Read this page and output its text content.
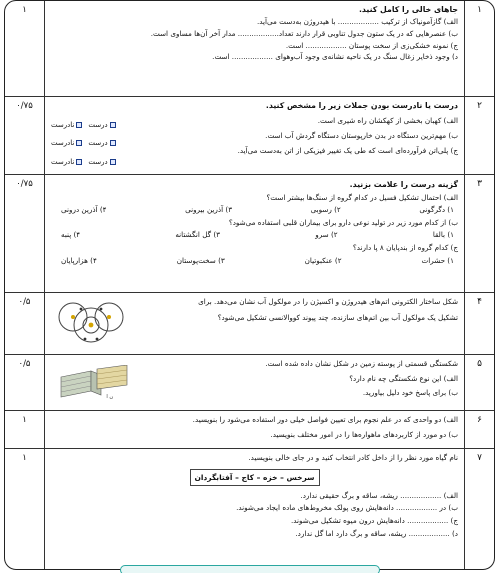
۱
۱	جاهای خالی را کامل کنید.
الف) گازآمونیاک از ترکیب .................. با هیدروژن به‌دست می‌آید.
ب) عنصرهایی که در یک ستون جدول تناوبی قرار دارند تعداد.................. مدار آخر آن‌ها مساوی است.
ج) نمونه خشکی‌زی از سخت پوستان .................. است.
د) وجود ذخایر زغال سنگ در یک ناحیه نشانه‌ی وجود آب‌وهوای .................. است.
۲
۰/۷۵	درست یا نادرست بودن جملات زیر را مشخص کنید.
الف) کهبان بخشی از کهکشان راه شیری است.
ب) مهم‌ترین دستگاه در بدن خارپوستان دستگاه گردش آب است.
ج) پلی‌اتن فرآورده‌ای است که طی یک تغییر فیزیکی از اتن به‌دست می‌آید.
درست
نادرست
درست
نادرست
درست
نادرست
۳
۰/۷۵	گزینه درست را علامت بزنید.
الف) احتمال تشکیل فسیل در کدام گروه از سنگ‌ها بیشتر است؟
۱) دگرگونی
۲) رسوبی
۳) آذرین بیرونی
۴) آذرین درونی
ب) از کدام مورد زیر در تولید نوعی دارو برای بیماران قلبی استفاده می‌شود؟
۱) بالقا
۲) سرو
۳) گل انگشتانه
۴) پنبه
ج) کدام گروه از بندپایان ۸ پا دارند؟
۱) حشرات
۲) عنکبوتیان
۳) سخت‌پوستان
۴) هزارپایان
۴
۰/۵	شکل ساختار الکترونی اتم‌های هیدروژن و اکسیژن را در مولکول آب نشان می‌دهد. برای
تشکیل یک مولکول آب بین اتم‌های سازنده، چند پیوند کووالانسی تشکیل می‌شود؟
۵
۰/۵	شکستگی قسمتی از پوسته زمین در شکل نشان داده شده است.
الف) این نوع شکستگی چه نام دارد؟
ب) برای پاسخ خود دلیل بیاورید.
ن ا
۶
۱	الف) دو واحدی که در علم نجوم برای تعیین فواصل خیلی دور استفاده می‌شود را بنویسید.
ب) دو مورد از کاربردهای ماهواره‌ها را در امور مختلف بنویسید.
۷
۱	نام گیاه مورد نظر را از داخل کادر انتخاب کنید و در جای خالی بنویسید.
سرخس – خزه – کاج – آفتابگردان
الف) .................. ریشه، ساقه و برگ حقیقی ندارد.
ب) در .................. دانه‌هایش روی پولک مخروط‌های ماده ایجاد می‌شوند.
ج) .................. دانه‌هایش درون میوه تشکیل می‌شوند.
د) .................. ریشه، ساقه و برگ دارد اما گل ندارد.
